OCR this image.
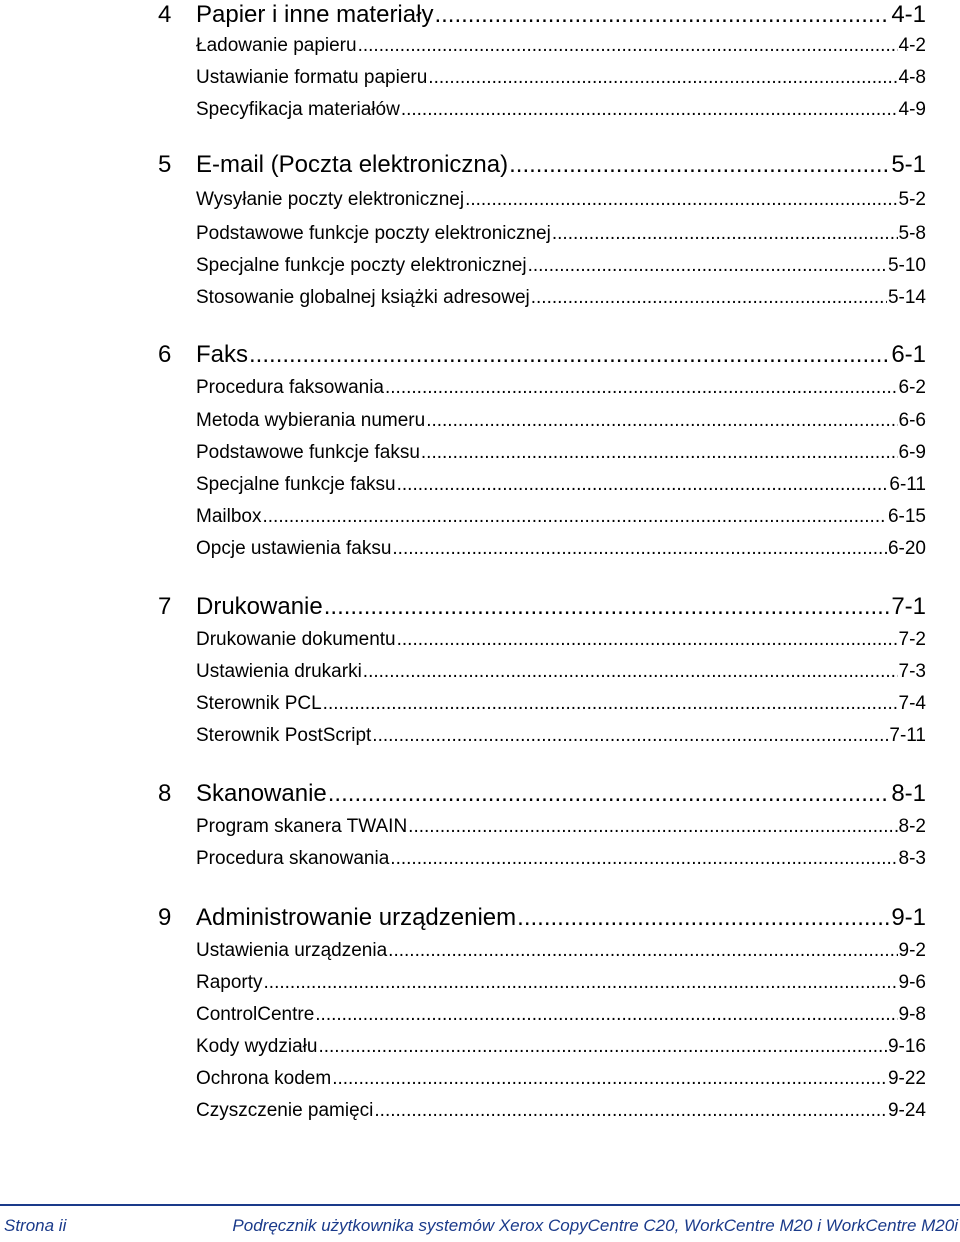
4	Papier i inne materiały .....	4-1
Ładowanie papieru .....	4-2
Ustawianie formatu papieru .....	4-8
Specyfikacja materiałów .....	4-9
5	E-mail (Poczta elektroniczna) .....	5-1
Wysyłanie poczty elektronicznej .....	5-2
Podstawowe funkcje poczty elektronicznej .....	5-8
Specjalne funkcje poczty elektronicznej .....	5-10
Stosowanie globalnej książki adresowej .....	5-14
6	Faks .....	6-1
Procedura faksowania .....	6-2
Metoda wybierania numeru .....	6-6
Podstawowe funkcje faksu .....	6-9
Specjalne funkcje faksu .....	6-11
Mailbox .....	6-15
Opcje ustawienia faksu .....	6-20
7	Drukowanie .....	7-1
Drukowanie dokumentu .....	7-2
Ustawienia drukarki .....	7-3
Sterownik PCL .....	7-4
Sterownik PostScript .....	7-11
8	Skanowanie .....	8-1
Program skanera TWAIN .....	8-2
Procedura skanowania .....	8-3
9	Administrowanie urządzeniem .....	9-1
Ustawienia urządzenia .....	9-2
Raporty .....	9-6
ControlCentre .....	9-8
Kody wydziału .....	9-16
Ochrona kodem .....	9-22
Czyszczenie pamięci .....	9-24
Strona ii	Podręcznik użytkownika systemów Xerox CopyCentre C20, WorkCentre M20 i WorkCentre M20i
